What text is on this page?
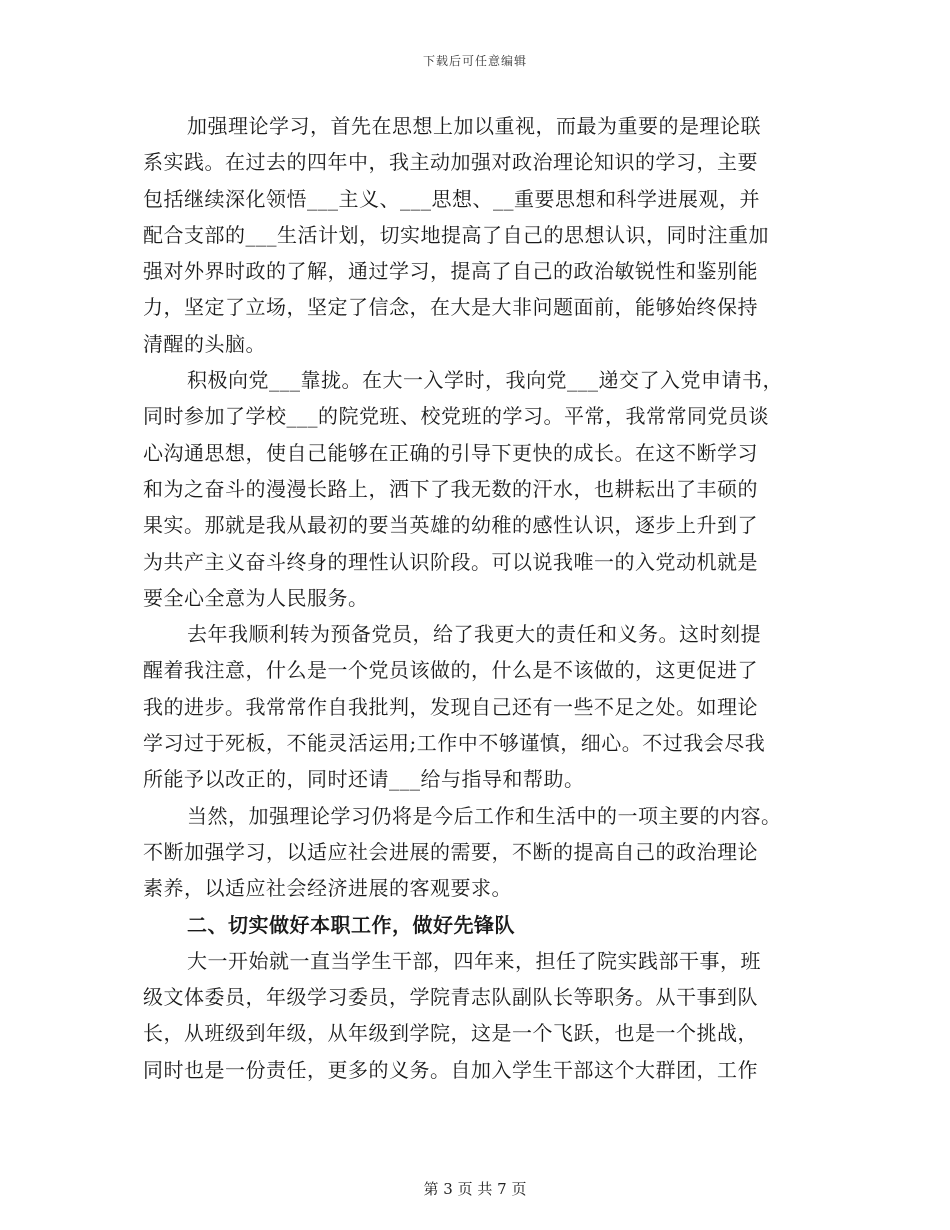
下载后可任意编辑
加强理论学习，首先在思想上加以重视，而最为重要的是理论联
系实践。在过去的四年中，我主动加强对政治理论知识的学习，主要
包括继续深化领悟___主义、___思想、__重要思想和科学进展观，并
配合支部的___生活计划，切实地提高了自己的思想认识，同时注重加
强对外界时政的了解，通过学习，提高了自己的政治敏锐性和鉴别能
力，坚定了立场，坚定了信念，在大是大非问题面前，能够始终保持
清醒的头脑。
积极向党___靠拢。在大一入学时，我向党___递交了入党申请书，
同时参加了学校___的院党班、校党班的学习。平常，我常常同党员谈
心沟通思想，使自己能够在正确的引导下更快的成长。在这不断学习
和为之奋斗的漫漫长路上，洒下了我无数的汗水，也耕耘出了丰硕的
果实。那就是我从最初的要当英雄的幼稚的感性认识，逐步上升到了
为共产主义奋斗终身的理性认识阶段。可以说我唯一的入党动机就是
要全心全意为人民服务。
去年我顺利转为预备党员，给了我更大的责任和义务。这时刻提
醒着我注意，什么是一个党员该做的，什么是不该做的，这更促进了
我的进步。我常常作自我批判，发现自己还有一些不足之处。如理论
学习过于死板，不能灵活运用;工作中不够谨慎，细心。不过我会尽我
所能予以改正的，同时还请___给与指导和帮助。
当然，加强理论学习仍将是今后工作和生活中的一项主要的内容。
不断加强学习，以适应社会进展的需要，不断的提高自己的政治理论
素养，以适应社会经济进展的客观要求。
二、切实做好本职工作，做好先锋队
大一开始就一直当学生干部，四年来，担任了院实践部干事，班
级文体委员，年级学习委员，学院青志队副队长等职务。从干事到队
长，从班级到年级，从年级到学院，这是一个飞跃，也是一个挑战，
同时也是一份责任，更多的义务。自加入学生干部这个大群团，工作
第 3 页 共 7 页
